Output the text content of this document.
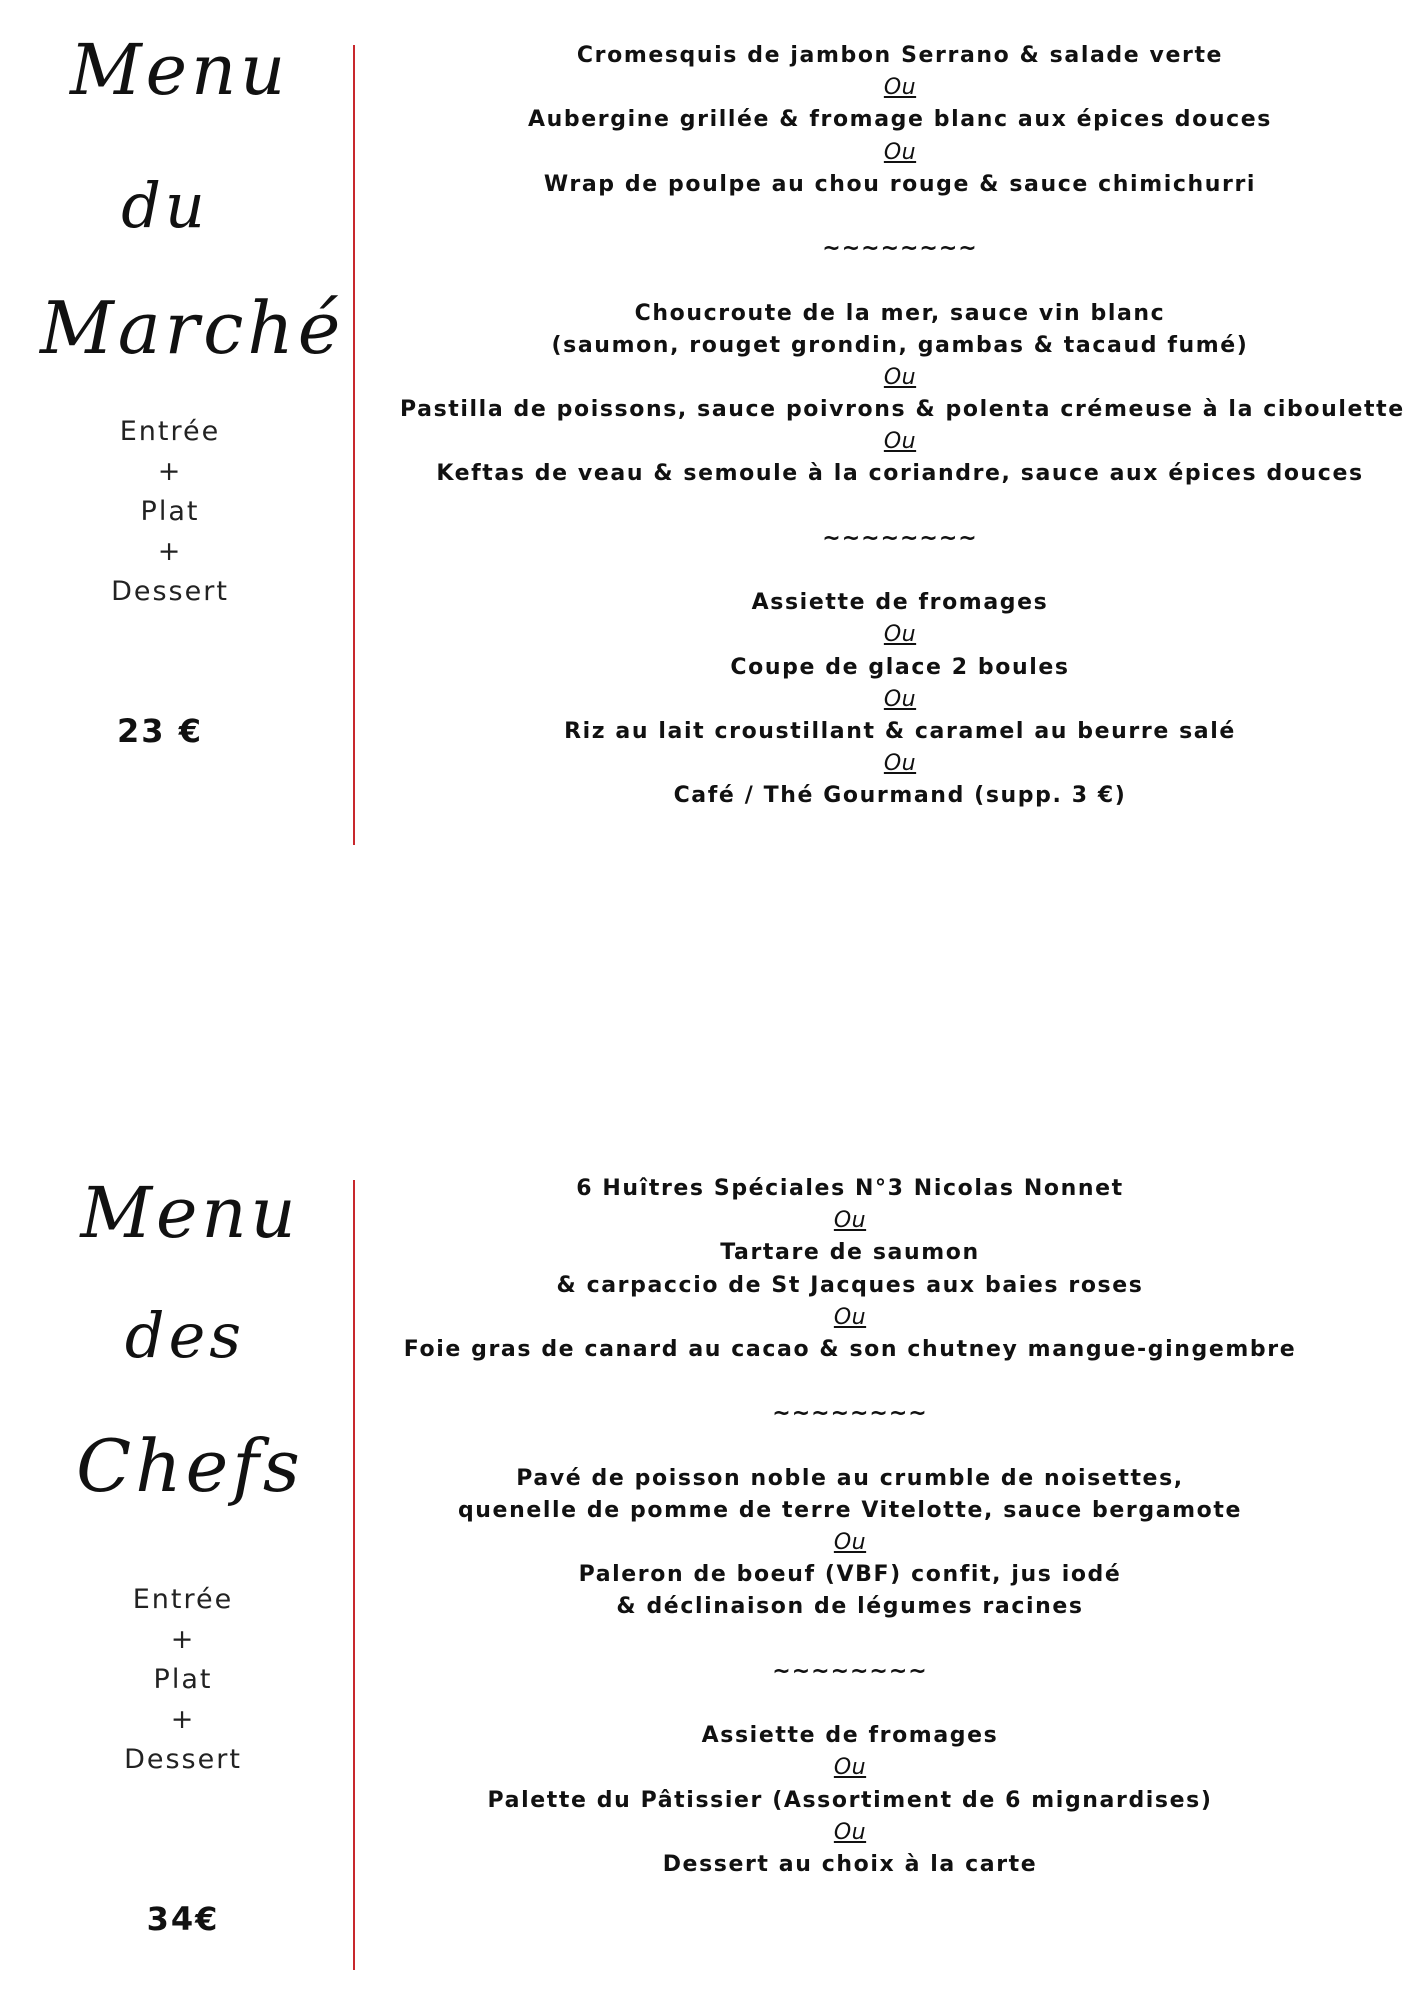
Menu
du
Marché
Entrée
+
Plat
+
Dessert
23 €
Cromesquis de jambon Serrano & salade verte
Ou
Aubergine grillée & fromage blanc aux épices douces
Ou
Wrap de poulpe au chou rouge & sauce chimichurri
~~~~~~~~
Choucroute de la mer, sauce vin blanc
(saumon, rouget grondin, gambas & tacaud fumé)
Ou
Pastilla de poissons, sauce poivrons & polenta crémeuse à la ciboulette
Ou
Keftas de veau & semoule à la coriandre, sauce aux épices douces
~~~~~~~~
Assiette de fromages
Ou
Coupe de glace 2 boules
Ou
Riz au lait croustillant & caramel au beurre salé
Ou
Café / Thé Gourmand (supp. 3 €)
Menu
des
Chefs
Entrée
+
Plat
+
Dessert
34€
6 Huîtres Spéciales N°3 Nicolas Nonnet
Ou
Tartare de saumon
& carpaccio de St Jacques aux baies roses
Ou
Foie gras de canard au cacao & son chutney mangue-gingembre
~~~~~~~~
Pavé de poisson noble au crumble de noisettes,
quenelle de pomme de terre Vitelotte, sauce bergamote
Ou
Paleron de boeuf (VBF) confit, jus iodé
& déclinaison de légumes racines
~~~~~~~~
Assiette de fromages
Ou
Palette du Pâtissier (Assortiment de 6 mignardises)
Ou
Dessert au choix à la carte
